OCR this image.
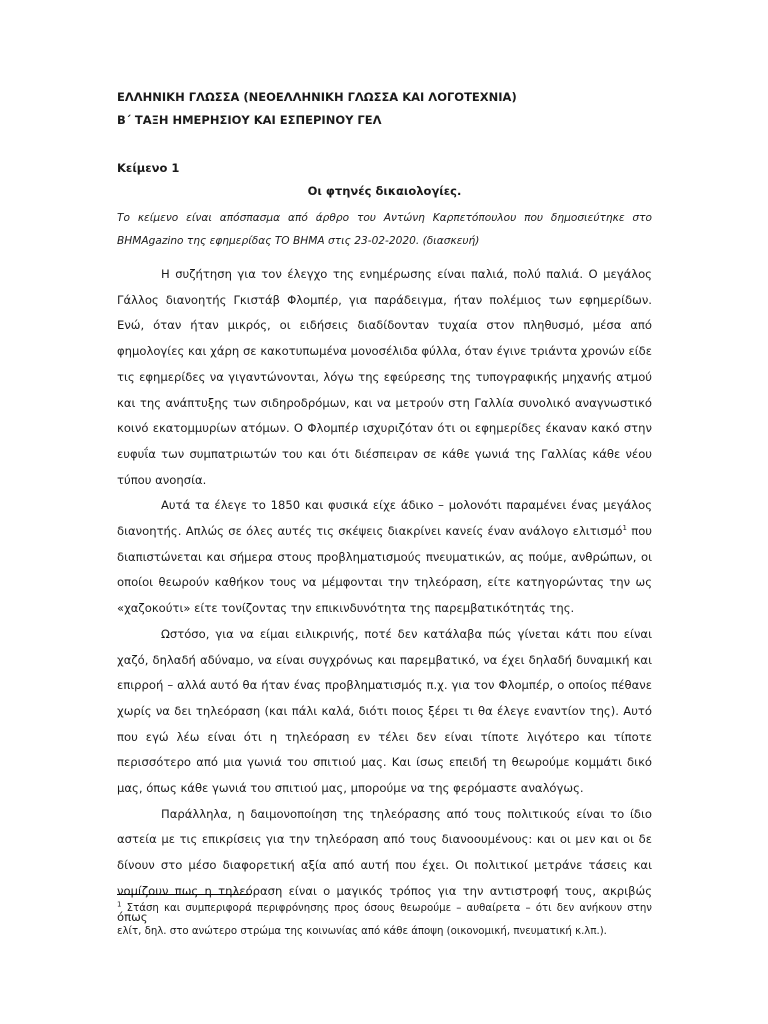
ΕΛΛΗΝΙΚΗ ΓΛΩΣΣΑ (ΝΕΟΕΛΛΗΝΙΚΗ ΓΛΩΣΣΑ ΚΑΙ ΛΟΓΟΤΕΧΝΙΑ)
Β΄ ΤΑΞΗ ΗΜΕΡΗΣΙΟΥ ΚΑΙ ΕΣΠΕΡΙΝΟΥ ΓΕΛ
Κείμενο 1
Οι φτηνές δικαιολογίες.
Το κείμενο είναι απόσπασμα από άρθρο του Αντώνη Καρπετόπουλου που δημοσιεύτηκε στο BHMAgazino της εφημερίδας ΤΟ ΒΗΜΑ στις 23-02-2020. (διασκευή)

Η συζήτηση για τον έλεγχο της ενημέρωσης είναι παλιά, πολύ παλιά. Ο μεγάλος Γάλλος διανοητής Γκιστάβ Φλομπέρ, για παράδειγμα, ήταν πολέμιος των εφημερίδων. Ενώ, όταν ήταν μικρός, οι ειδήσεις διαδίδονταν τυχαία στον πληθυσμό, μέσα από φημολογίες και χάρη σε κακοτυπωμένα μονοσέλιδα φύλλα, όταν έγινε τριάντα χρονών είδε τις εφημερίδες να γιγαντώνονται, λόγω της εφεύρεσης της τυπογραφικής μηχανής ατμού και της ανάπτυξης των σιδηροδρόμων, και να μετρούν στη Γαλλία συνολικό αναγνωστικό κοινό εκατομμυρίων ατόμων. Ο Φλομπέρ ισχυριζόταν ότι οι εφημερίδες έκαναν κακό στην ευφυΐα των συμπατριωτών του και ότι διέσπειραν σε κάθε γωνιά της Γαλλίας κάθε νέου τύπου ανοησία.

Αυτά τα έλεγε το 1850 και φυσικά είχε άδικο – μολονότι παραμένει ένας μεγάλος διανοητής. Απλώς σε όλες αυτές τις σκέψεις διακρίνει κανείς έναν ανάλογο ελιτισμό$^1$ που διαπιστώνεται και σήμερα στους προβληματισμούς πνευματικών, ας πούμε, ανθρώπων, οι οποίοι θεωρούν καθήκον τους να μέμφονται την τηλεόραση, είτε κατηγορώντας την ως «χαζοκούτι» είτε τονίζοντας την επικινδυνότητα της παρεμβατικότητάς της.

Ωστόσο, για να είμαι ειλικρινής, ποτέ δεν κατάλαβα πώς γίνεται κάτι που είναι χαζό, δηλαδή αδύναμο, να είναι συγχρόνως και παρεμβατικό, να έχει δηλαδή δυναμική και επιρροή – αλλά αυτό θα ήταν ένας προβληματισμός π.χ. για τον Φλομπέρ, ο οποίος πέθανε χωρίς να δει τηλεόραση (και πάλι καλά, διότι ποιος ξέρει τι θα έλεγε εναντίον της). Αυτό που εγώ λέω είναι ότι η τηλεόραση εν τέλει δεν είναι τίποτε λιγότερο και τίποτε περισσότερο από μια γωνιά του σπιτιού μας. Και ίσως επειδή τη θεωρούμε κομμάτι δικό μας, όπως κάθε γωνιά του σπιτιού μας, μπορούμε να της φερόμαστε αναλόγως.

Παράλληλα, η δαιμονοποίηση της τηλεόρασης από τους πολιτικούς είναι το ίδιο αστεία με τις επικρίσεις για την τηλεόραση από τους διανοουμένους: και οι μεν και οι δε δίνουν στο μέσο διαφορετική αξία από αυτή που έχει. Οι πολιτικοί μετράνε τάσεις και νομίζουν πως η τηλεόραση είναι ο μαγικός τρόπος για την αντιστροφή τους, ακριβώς όπως

$^1$ Στάση και συμπεριφορά περιφρόνησης προς όσους θεωρούμε – αυθαίρετα – ότι δεν ανήκουν στην ελίτ, δηλ. στο ανώτερο στρώμα της κοινωνίας από κάθε άποψη (οικονομική, πνευματική κ.λπ.).
